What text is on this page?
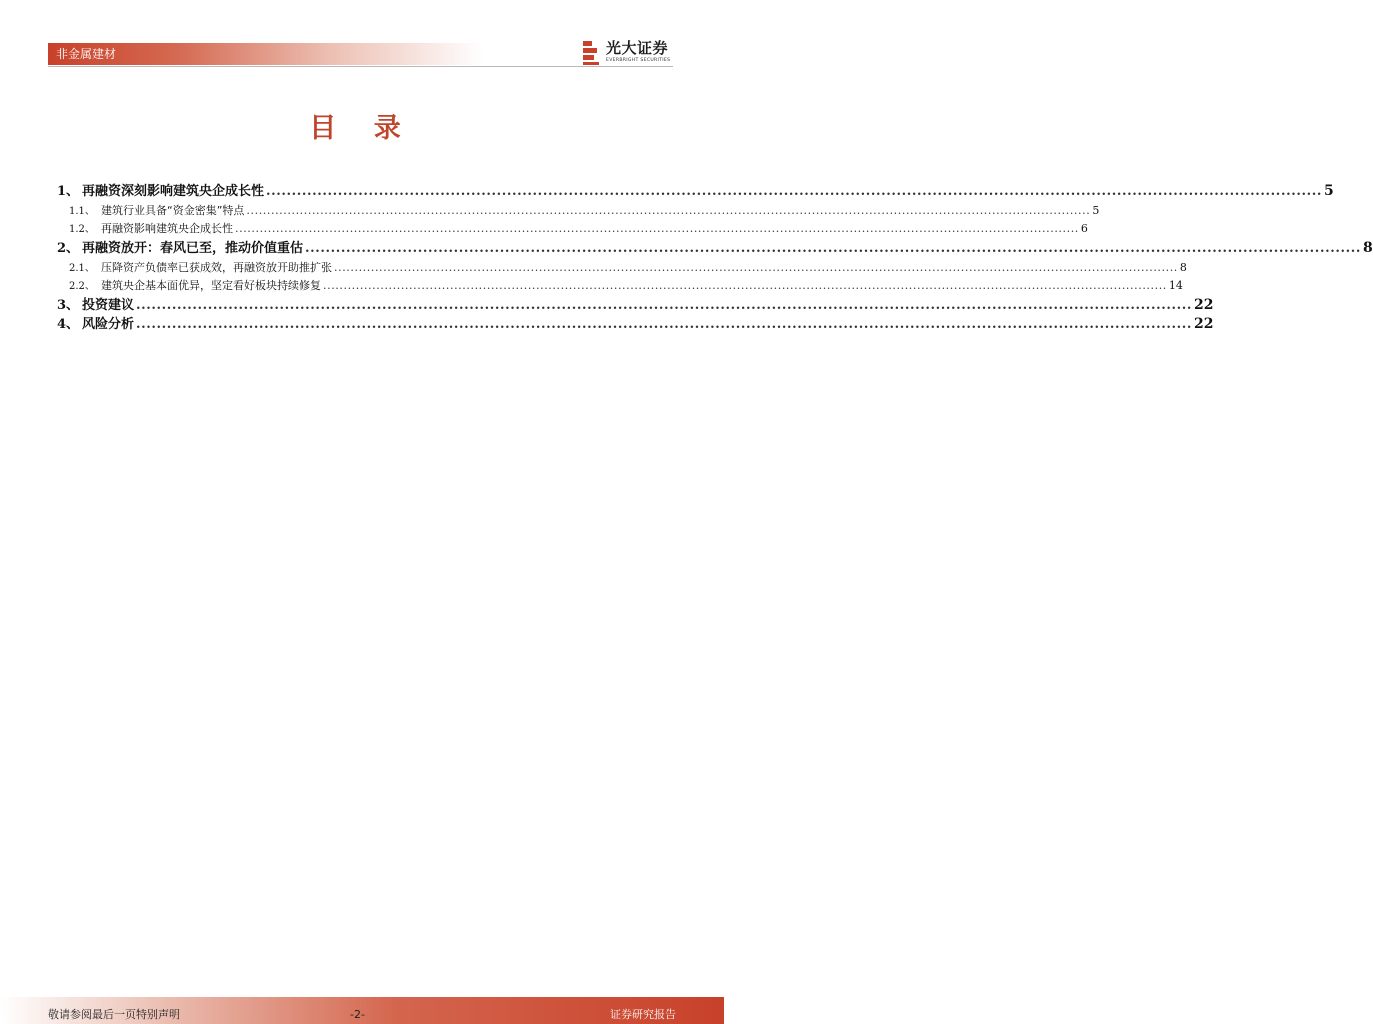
非金属建材	光大证券
EVERBRIGHT SECURITIES
目 录
1、 再融资深刻影响建筑央企成长性 .............................................................................................................................................................................................................. 5
1.1、 建筑行业具备“资金密集”特点 .............................................................................................................................................................................................................. 5
1.2、 再融资影响建筑央企成长性 .............................................................................................................................................................................................................. 6
2、 再融资放开：春风已至，推动价值重估 .............................................................................................................................................................................................................. 8
2.1、 压降资产负债率已获成效，再融资放开助推扩张 .............................................................................................................................................................................................................. 8
2.2、 建筑央企基本面优异，坚定看好板块持续修复 .............................................................................................................................................................................................................. 14
3、 投资建议 .............................................................................................................................................................................................................. 22
4、 风险分析 .............................................................................................................................................................................................................. 22
敬请参阅最后一页特别声明	-2-	证券研究报告
